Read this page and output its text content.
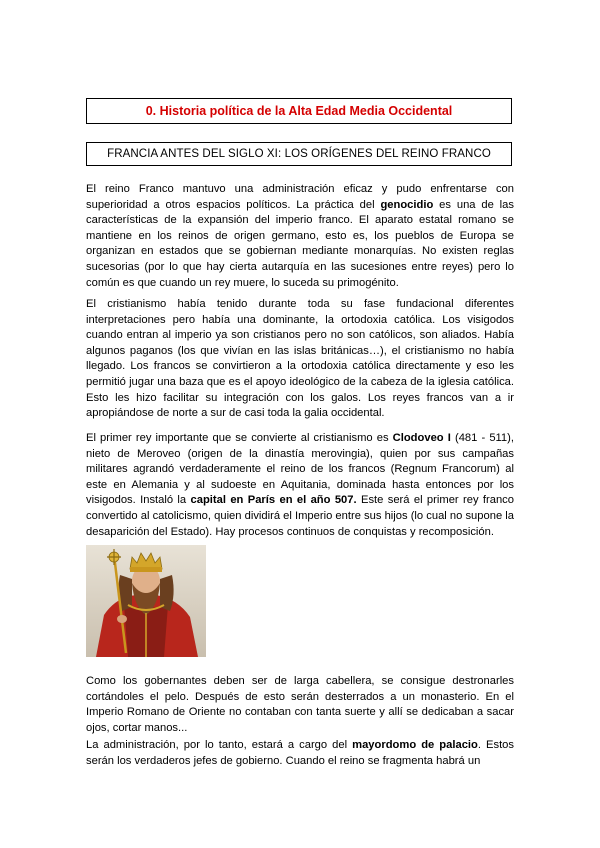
0. Historia política de la Alta Edad Media Occidental
FRANCIA ANTES DEL SIGLO XI: LOS ORÍGENES DEL REINO FRANCO

El reino Franco mantuvo una administración eficaz y pudo enfrentarse con superioridad a otros espacios políticos. La práctica del genocidio es una de las características de la expansión del imperio franco. El aparato estatal romano se mantiene en los reinos de origen germano, esto es, los pueblos de Europa se organizan en estados que se gobiernan mediante monarquías. No existen reglas sucesorias (por lo que hay cierta autarquía en las sucesiones entre reyes) pero lo común es que cuando un rey muere, lo suceda su primogénito.

El cristianismo había tenido durante toda su fase fundacional diferentes interpretaciones pero había una dominante, la ortodoxia católica. Los visigodos cuando entran al imperio ya son cristianos pero no son católicos, son aliados. Había algunos paganos (los que vivían en las islas británicas…), el cristianismo no había llegado. Los francos se convirtieron a la ortodoxia católica directamente y eso les permitió jugar una baza que es el apoyo ideológico de la cabeza de la iglesia católica. Esto les hizo facilitar su integración con los galos. Los reyes francos van a ir apropiándose de norte a sur de casi toda la galia occidental.

El primer rey importante que se convierte al cristianismo es Clodoveo I (481 - 511), nieto de Meroveo (origen de la dinastía merovingia), quien por sus campañas militares agrandó verdaderamente el reino de los francos (Regnum Francorum) al este en Alemania y al sudoeste en Aquitania, dominada hasta entonces por los visigodos. Instaló la capital en París en el año 507. Este será el primer rey franco convertido al catolicismo, quien dividirá el Imperio entre sus hijos (lo cual no supone la desaparición del Estado). Hay procesos continuos de conquistas y recomposición.

Como los gobernantes deben ser de larga cabellera, se consigue destronarles cortándoles el pelo. Después de esto serán desterrados a un monasterio. En el Imperio Romano de Oriente no contaban con tanta suerte y allí se dedicaban a sacar ojos, cortar manos...

La administración, por lo tanto, estará a cargo del mayordomo de palacio. Estos serán los verdaderos jefes de gobierno. Cuando el reino se fragmenta habrá un
